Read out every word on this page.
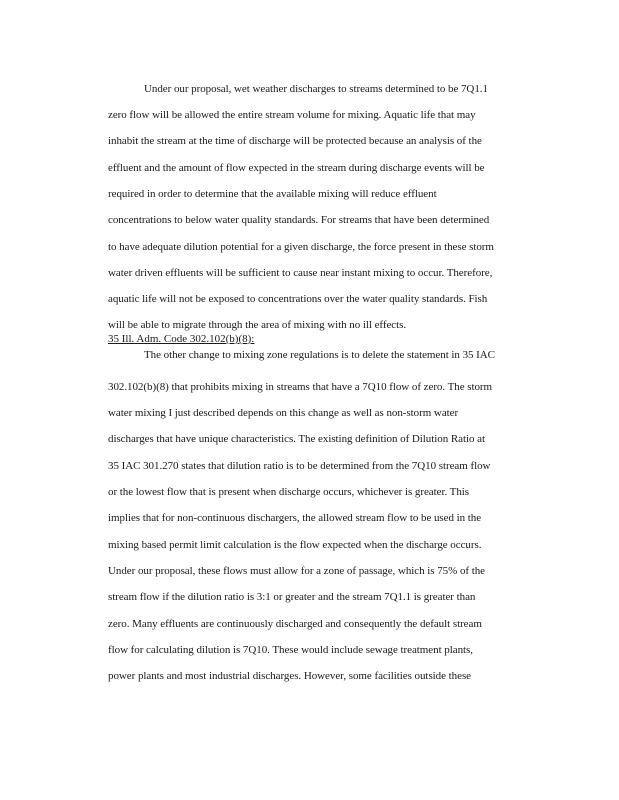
Under our proposal, wet weather discharges to streams determined to be 7Q1.1
zero flow will be allowed the entire stream volume for mixing. Aquatic life that may
inhabit the stream at the time of discharge will be protected because an analysis of the
effluent and the amount of flow expected in the stream during discharge events will be
required in order to determine that the available mixing will reduce effluent
concentrations to below water quality standards. For streams that have been determined
to have adequate dilution potential for a given discharge, the force present in these storm
water driven effluents will be sufficient to cause near instant mixing to occur. Therefore,
aquatic life will not be exposed to concentrations over the water quality standards. Fish
will be able to migrate through the area of mixing with no ill effects.
35 Ill. Adm. Code 302.102(b)(8):
The other change to mixing zone regulations is to delete the statement in 35 IAC
302.102(b)(8) that prohibits mixing in streams that have a 7Q10 flow of zero. The storm
water mixing I just described depends on this change as well as non-storm water
discharges that have unique characteristics. The existing definition of Dilution Ratio at
35 IAC 301.270 states that dilution ratio is to be determined from the 7Q10 stream flow
or the lowest flow that is present when discharge occurs, whichever is greater. This
implies that for non-continuous dischargers, the allowed stream flow to be used in the
mixing based permit limit calculation is the flow expected when the discharge occurs.
Under our proposal, these flows must allow for a zone of passage, which is 75% of the
stream flow if the dilution ratio is 3:1 or greater and the stream 7Q1.1 is greater than
zero. Many effluents are continuously discharged and consequently the default stream
flow for calculating dilution is 7Q10. These would include sewage treatment plants,
power plants and most industrial discharges. However, some facilities outside these
